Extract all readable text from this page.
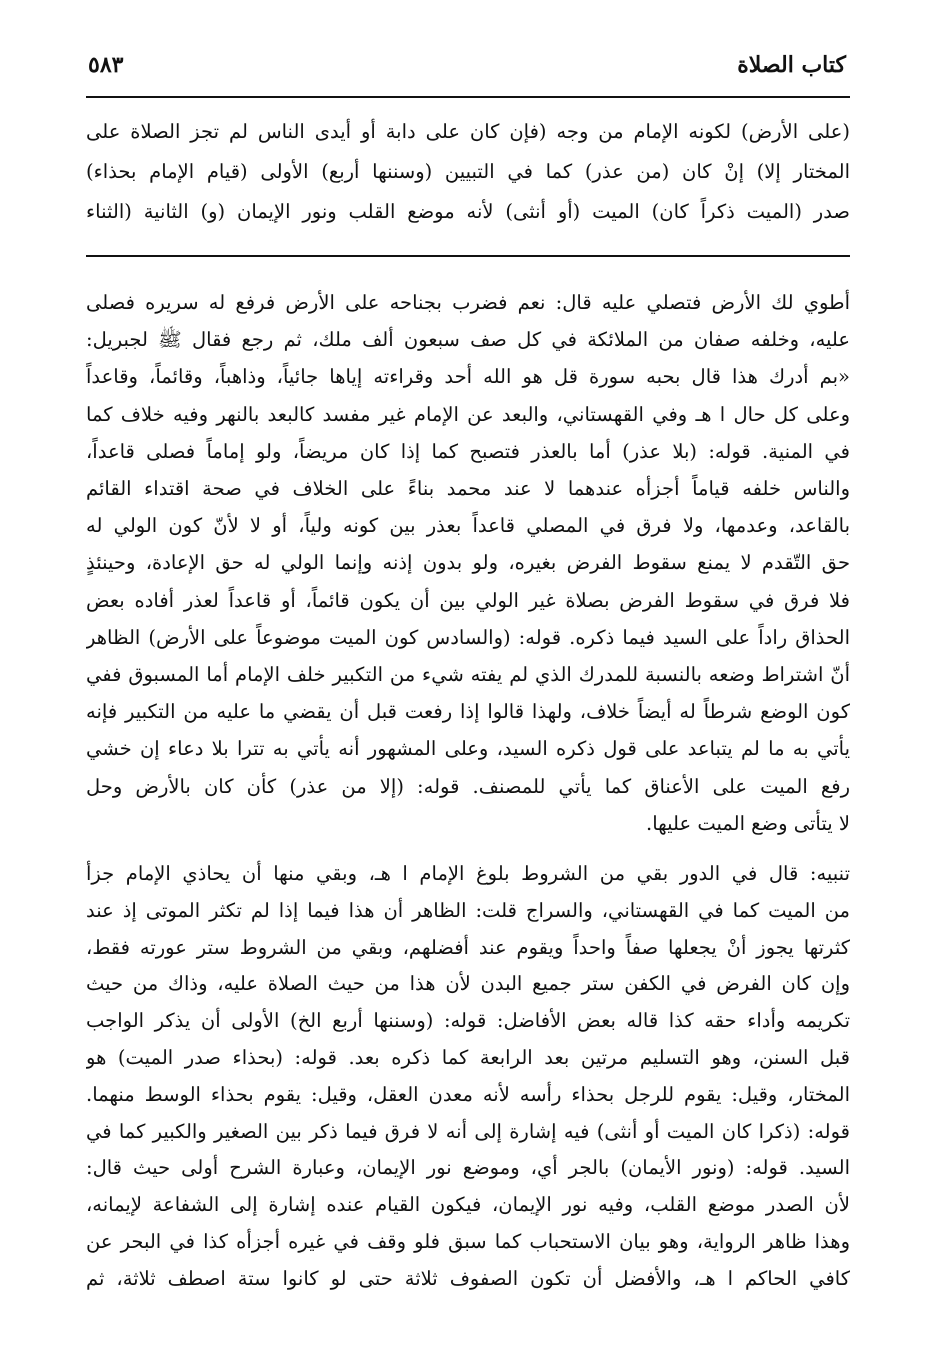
كتاب الصلاة
٥٨٣
(على الأرض) لكونه الإمام من وجه (فإن كان على دابة أو أيدى الناس لم تجز الصلاة على
المختار إلا) إنْ كان (من عذر) كما في التبيين (وسننها أربع) الأولى (قيام الإمام بحذاء)
صدر (الميت ذكراً كان) الميت (أو أنثى) لأنه موضع القلب ونور الإيمان (و) الثانية (الثناء
أطوي لك الأرض فتصلي عليه قال: نعم فضرب بجناحه على الأرض فرفع له سريره فصلى
عليه، وخلفه صفان من الملائكة في كل صف سبعون ألف ملك، ثم رجع فقال ﷺ لجبريل:
«بم أدرك هذا قال بحبه سورة قل هو الله أحد وقراءته إياها جائياً، وذاهباً، وقائماً، وقاعداً
وعلى كل حال ا هـ وفي القهستاني، والبعد عن الإمام غير مفسد كالبعد بالنهر وفيه خلاف كما
في المنية. قوله: (بلا عذر) أما بالعذر فتصبح كما إذا كان مريضاً، ولو إماماً فصلى قاعداً،
والناس خلفه قياماً أجزأه عندهما لا عند محمد بناءً على الخلاف في صحة اقتداء القائم
بالقاعد، وعدمها، ولا فرق في المصلي قاعداً بعذر بين كونه ولياً، أو لا لأنّ كون الولي له
حق التّقدم لا يمنع سقوط الفرض بغيره، ولو بدون إذنه وإنما الولي له حق الإعادة، وحينئذٍ
فلا فرق في سقوط الفرض بصلاة غير الولي بين أن يكون قائماً، أو قاعداً لعذر أفاده بعض
الحذاق راداً على السيد فيما ذكره. قوله: (والسادس كون الميت موضوعاً على الأرض) الظاهر
أنّ اشتراط وضعه بالنسبة للمدرك الذي لم يفته شيء من التكبير خلف الإمام أما المسبوق ففي
كون الوضع شرطاً له أيضاً خلاف، ولهذا قالوا إذا رفعت قبل أن يقضي ما عليه من التكبير فإنه
يأتي به ما لم يتباعد على قول ذكره السيد، وعلى المشهور أنه يأتي به تترا بلا دعاء إن خشي
رفع الميت على الأعناق كما يأتي للمصنف. قوله: (إلا من عذر) كأن كان بالأرض وحل
لا يتأتى وضع الميت عليها.
تنبيه: قال في الدور بقي من الشروط بلوغ الإمام ا هـ، وبقي منها أن يحاذي الإمام جزأ
من الميت كما في القهستاني، والسراج قلت: الظاهر أن هذا فيما إذا لم تكثر الموتى إذ عند
كثرتها يجوز أنْ يجعلها صفاً واحداً ويقوم عند أفضلهم، وبقي من الشروط ستر عورته فقط،
وإن كان الفرض في الكفن ستر جميع البدن لأن هذا من حيث الصلاة عليه، وذاك من حيث
تكريمه وأداء حقه كذا قاله بعض الأفاضل: قوله: (وسننها أربع الخ) الأولى أن يذكر الواجب
قبل السنن، وهو التسليم مرتين بعد الرابعة كما ذكره بعد. قوله: (بحذاء صدر الميت) هو
المختار، وقيل: يقوم للرجل بحذاء رأسه لأنه معدن العقل، وقيل: يقوم بحذاء الوسط منهما.
قوله: (ذكرا كان الميت أو أنثى) فيه إشارة إلى أنه لا فرق فيما ذكر بين الصغير والكبير كما في
السيد. قوله: (ونور الأيمان) بالجر أي، وموضع نور الإيمان، وعبارة الشرح أولى حيث قال:
لأن الصدر موضع القلب، وفيه نور الإيمان، فيكون القيام عنده إشارة إلى الشفاعة لإيمانه،
وهذا ظاهر الرواية، وهو بيان الاستحباب كما سبق فلو وقف في غيره أجزأه كذا في البحر عن
كافي الحاكم ا هـ، والأفضل أن تكون الصفوف ثلاثة حتى لو كانوا ستة اصطف ثلاثة، ثم
